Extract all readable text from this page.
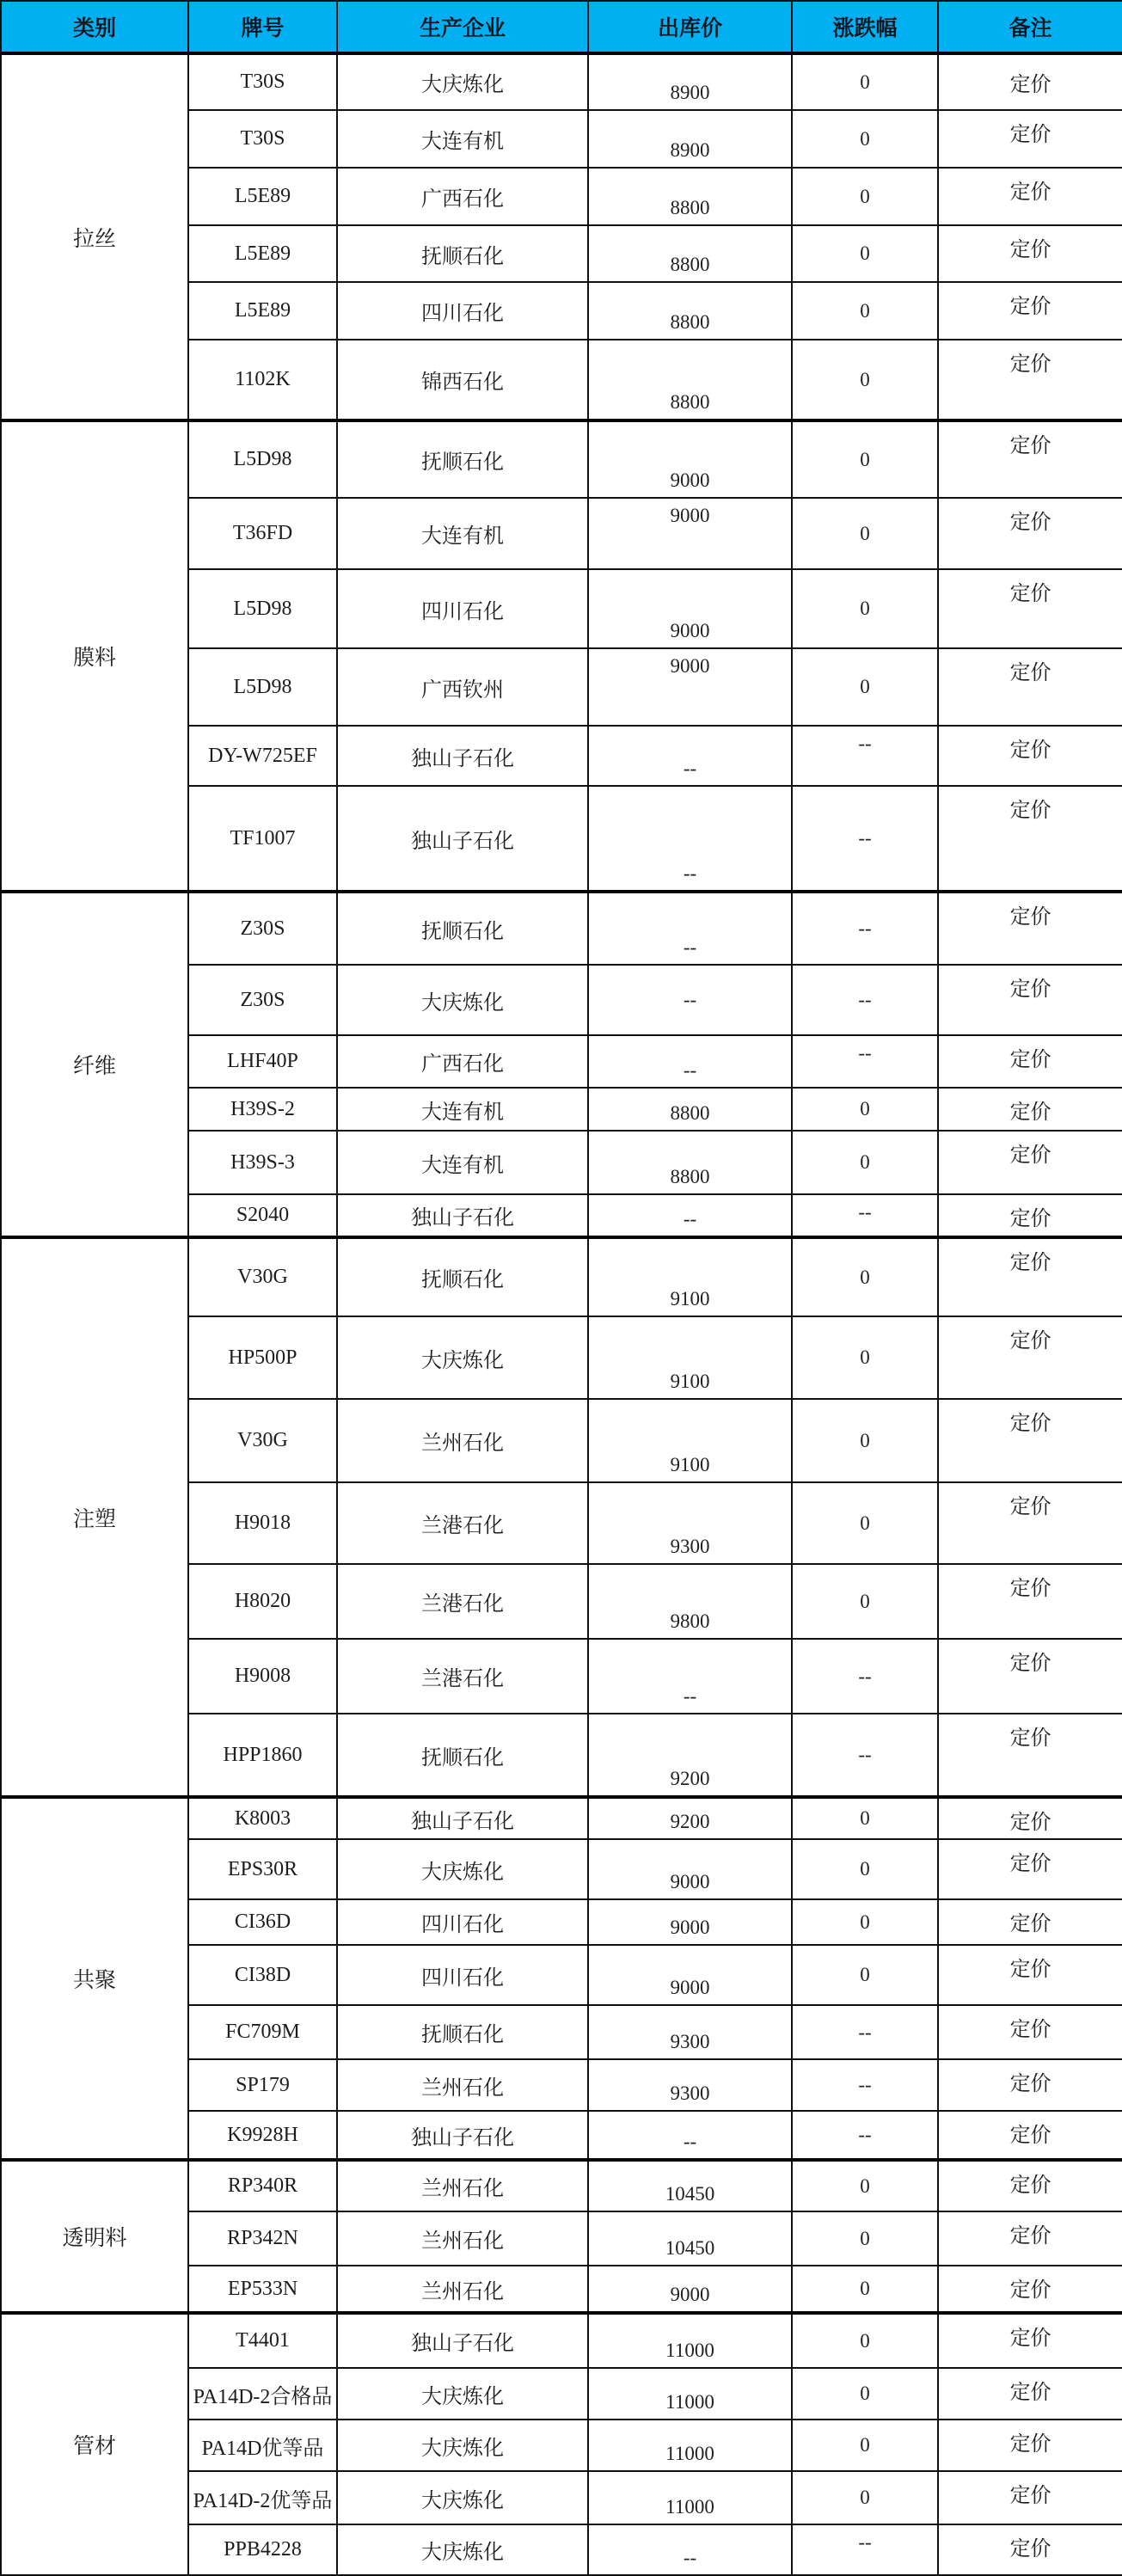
类别	牌号	生产企业	出库价	涨跌幅	备注
拉丝	T30S	大庆炼化	8900	0	定价
	T30S	大连有机	8900	0	定价
	L5E89	广西石化	8800	0	定价
	L5E89	抚顺石化	8800	0	定价
	L5E89	四川石化	8800	0	定价
	1102K	锦西石化	8800	0	定价
膜料	L5D98	抚顺石化	9000	0	定价
	T36FD	大连有机	9000	0	定价
	L5D98	四川石化	9000	0	定价
	L5D98	广西钦州	9000	0	定价
	DY-W725EF	独山子石化	--	--	定价
	TF1007	独山子石化	--	--	定价
纤维	Z30S	抚顺石化	--	--	定价
	Z30S	大庆炼化	--	--	定价
	LHF40P	广西石化	--	--	定价
	H39S-2	大连有机	8800	0	定价
	H39S-3	大连有机	8800	0	定价
	S2040	独山子石化	--	--	定价
注塑	V30G	抚顺石化	9100	0	定价
	HP500P	大庆炼化	9100	0	定价
	V30G	兰州石化	9100	0	定价
	H9018	兰港石化	9300	0	定价
	H8020	兰港石化	9800	0	定价
	H9008	兰港石化	--	--	定价
	HPP1860	抚顺石化	9200	--	定价
共聚	K8003	独山子石化	9200	0	定价
	EPS30R	大庆炼化	9000	0	定价
	CI36D	四川石化	9000	0	定价
	CI38D	四川石化	9000	0	定价
	FC709M	抚顺石化	9300	--	定价
	SP179	兰州石化	9300	--	定价
	K9928H	独山子石化	--	--	定价
透明料	RP340R	兰州石化	10450	0	定价
	RP342N	兰州石化	10450	0	定价
	EP533N	兰州石化	9000	0	定价
管材	T4401	独山子石化	11000	0	定价
	PA14D-2合格品	大庆炼化	11000	0	定价
	PA14D优等品	大庆炼化	11000	0	定价
	PA14D-2优等品	大庆炼化	11000	0	定价
	PPB4228	大庆炼化	--	--	定价
